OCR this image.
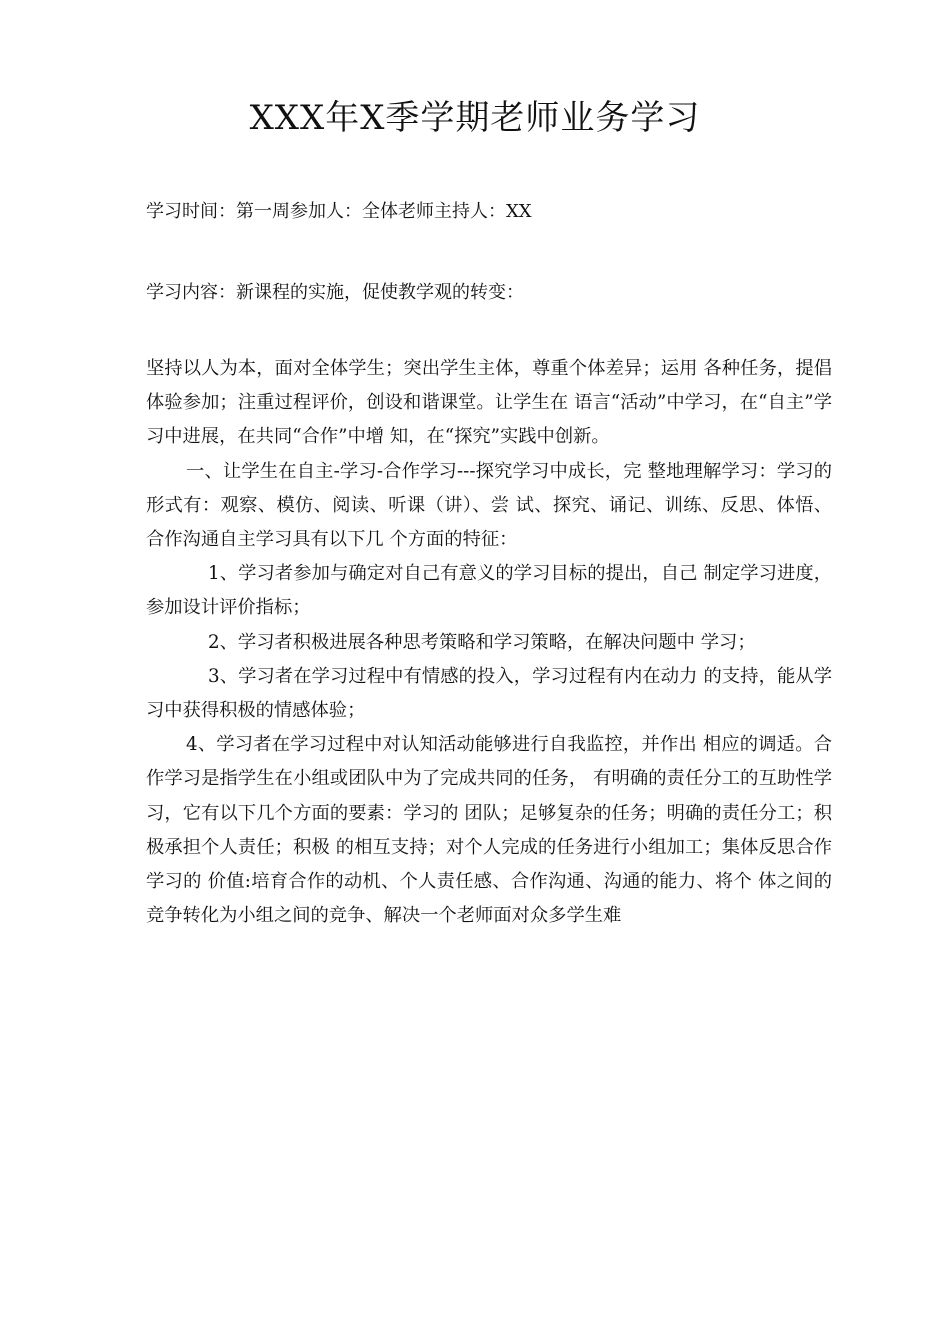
XXX年X季学期老师业务学习
学习时间：第一周参加人：全体老师主持人：XX
学习内容：新课程的实施，促使教学观的转变：

坚持以人为本，面对全体学生；突出学生主体，尊重个体差异；运用 各种任务，提倡体验参加；注重过程评价，创设和谐课堂。让学生在 语言“活动”中学习，在“自主”学习中进展，在共同“合作”中增 知，在“探究”实践中创新。

一、让学生在自主-学习-合作学习---探究学习中成长，完 整地理解学习：学习的形式有：观察、模仿、阅读、听课（讲）、尝 试、探究、诵记、训练、反思、体悟、合作沟通自主学习具有以下几 个方面的特征：

1、学习者参加与确定对自己有意义的学习目标的提出，自己 制定学习进度，参加设计评价指标；

2、学习者积极进展各种思考策略和学习策略，在解决问题中 学习；

3、学习者在学习过程中有情感的投入，学习过程有内在动力 的支持，能从学习中获得积极的情感体验；

4、学习者在学习过程中对认知活动能够进行自我监控，并作出 相应的调适。合作学习是指学生在小组或团队中为了完成共同的任务， 有明确的责任分工的互助性学习，它有以下几个方面的要素：学习的 团队；足够复杂的任务；明确的责任分工；积极承担个人责任；积极 的相互支持；对个人完成的任务进行小组加工；集体反思合作学习的 价值:培育合作的动机、个人责任感、合作沟通、沟通的能力、将个 体之间的竞争转化为小组之间的竞争、解决一个老师面对众多学生难
